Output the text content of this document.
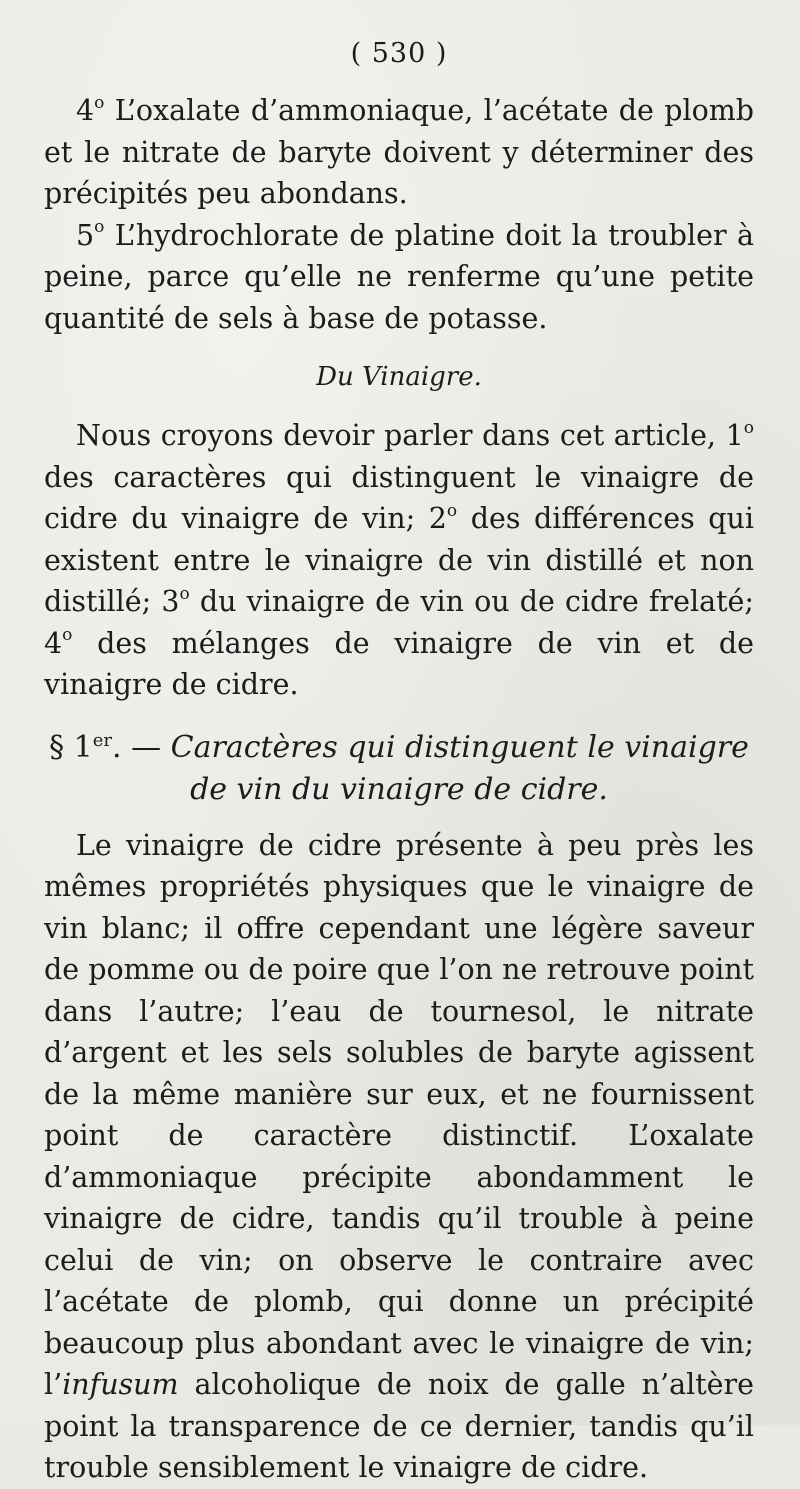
( 530 )

4$^o$ L’oxalate d’ammoniaque, l’acétate de plomb et le nitrate de baryte doivent y déterminer des précipités peu abondans.

5$^o$ L’hydrochlorate de platine doit la troubler à peine, parce qu’elle ne renferme qu’une petite quantité de sels à base de potasse.

Du Vinaigre.

Nous croyons devoir parler dans cet article, 1$^o$ des caractères qui distinguent le vinaigre de cidre du vinaigre de vin; 2$^o$ des différences qui existent entre le vinaigre de vin distillé et non distillé; 3$^o$ du vinaigre de vin ou de cidre frelaté; 4$^o$ des mélanges de vinaigre de vin et de vinaigre de cidre.

§ 1er. — Caractères qui distinguent le vinaigre de vin du vinaigre de cidre.

Le vinaigre de cidre présente à peu près les mêmes propriétés physiques que le vinaigre de vin blanc; il offre cependant une légère saveur de pomme ou de poire que l’on ne retrouve point dans l’autre; l’eau de tournesol, le nitrate d’argent et les sels solubles de baryte agissent de la même manière sur eux, et ne fournissent point de caractère distinctif. L’oxalate d’ammoniaque précipite abondamment le vinaigre de cidre, tandis qu’il trouble à peine celui de vin; on observe le contraire avec l’acétate de plomb, qui donne un précipité beaucoup plus abondant avec le vinaigre de vin; l’infusum alcoholique de noix de galle n’altère point la transparence de ce dernier, tandis qu’il trouble sensiblement le vinaigre de cidre.
